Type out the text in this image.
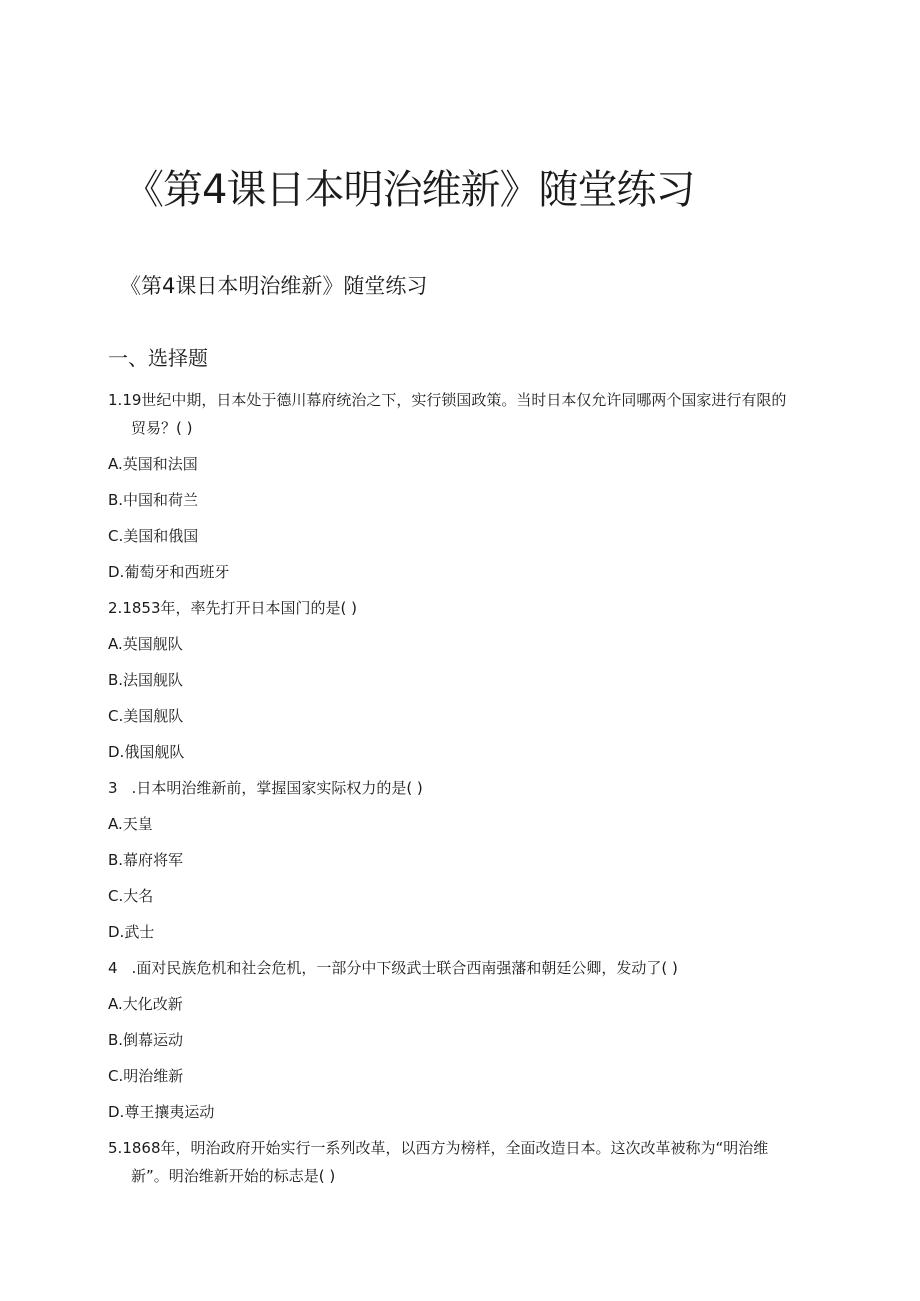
《第4课日本明治维新》随堂练习
《第4课日本明治维新》随堂练习
一、选择题

1.19世纪中期，日本处于德川幕府统治之下，实行锁国政策。当时日本仅允许同哪两个国家进行有限的
贸易？( )

A.英国和法国
B.中国和荷兰
C.美国和俄国
D.葡萄牙和西班牙

2.1853年，率先打开日本国门的是( )

A.英国舰队
B.法国舰队
C.美国舰队
D.俄国舰队

3 .日本明治维新前，掌握国家实际权力的是( )

A.天皇
B.幕府将军
C.大名
D.武士

4 .面对民族危机和社会危机，一部分中下级武士联合西南强藩和朝廷公卿，发动了( )

A.大化改新
B.倒幕运动
C.明治维新
D.尊王攘夷运动

5.1868年，明治政府开始实行一系列改革，以西方为榜样，全面改造日本。这次改革被称为“明治维
新”。明治维新开始的标志是( )
